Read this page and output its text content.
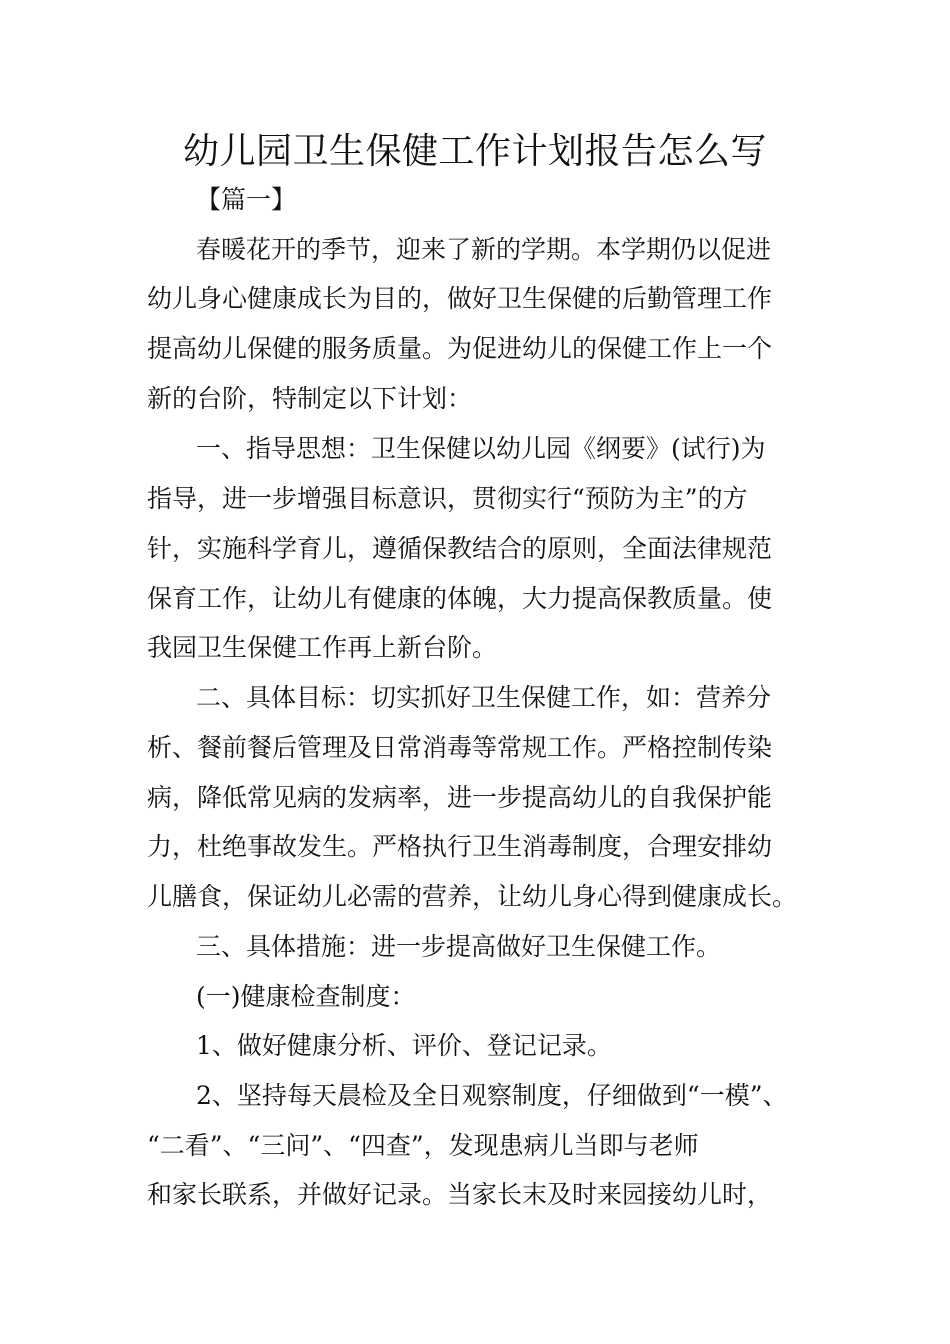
幼儿园卫生保健工作计划报告怎么写
【篇一】
春暖花开的季节，迎来了新的学期。本学期仍以促进
幼儿身心健康成长为目的，做好卫生保健的后勤管理工作
提高幼儿保健的服务质量。为促进幼儿的保健工作上一个
新的台阶，特制定以下计划：
一、指导思想：卫生保健以幼儿园《纲要》(试行)为
指导，进一步增强目标意识，贯彻实行“预防为主”的方
针，实施科学育儿，遵循保教结合的原则，全面法律规范
保育工作，让幼儿有健康的体魄，大力提高保教质量。使
我园卫生保健工作再上新台阶。
二、具体目标：切实抓好卫生保健工作，如：营养分
析、餐前餐后管理及日常消毒等常规工作。严格控制传染
病，降低常见病的发病率，进一步提高幼儿的自我保护能
力，杜绝事故发生。严格执行卫生消毒制度，合理安排幼
儿膳食，保证幼儿必需的营养，让幼儿身心得到健康成长。
三、具体措施：进一步提高做好卫生保健工作。
(一)健康检查制度：
1、做好健康分析、评价、登记记录。
2、坚持每天晨检及全日观察制度，仔细做到“一模”、
“二看”、“三问”、“四查”，发现患病儿当即与老师
和家长联系，并做好记录。当家长末及时来园接幼儿时，
